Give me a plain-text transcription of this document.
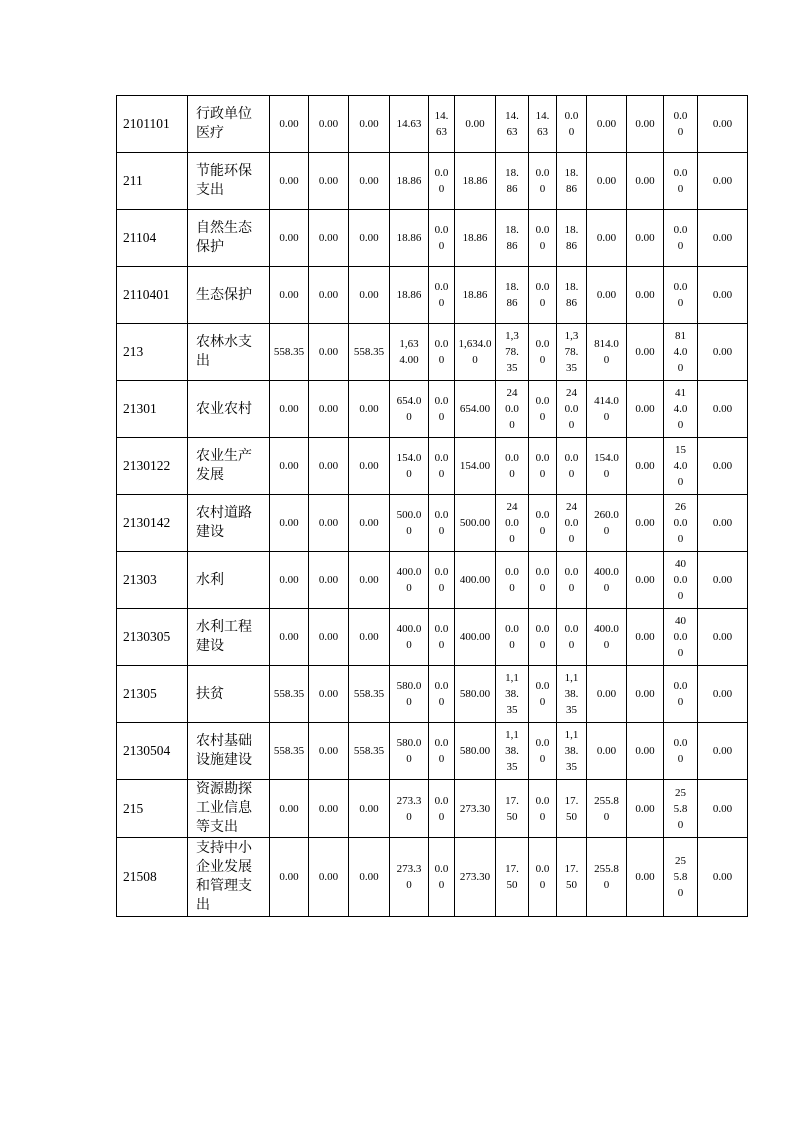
2101101	行政单位医疗	0.00	0.00	0.00	14.63	14.63	0.00	14.63	14.63	0.00	0.00	0.00	0.00	0.00

211	节能环保支出	0.00	0.00	0.00	18.86	0.00	18.86	18.86	0.00	18.86	0.00	0.00	0.00	0.00

21104	自然生态保护	0.00	0.00	0.00	18.86	0.00	18.86	18.86	0.00	18.86	0.00	0.00	0.00	0.00

2110401	生态保护	0.00	0.00	0.00	18.86	0.00	18.86	18.86	0.00	18.86	0.00	0.00	0.00	0.00

213	农林水支出	558.35	0.00	558.35	1,634.00	0.00	1,634.00	1,378.35	0.00	1,378.35	814.00	0.00	814.00	0.00

21301	农业农村	0.00	0.00	0.00	654.00	0.00	654.00	240.00	0.00	240.00	414.00	0.00	414.00	0.00

2130122	农业生产发展	0.00	0.00	0.00	154.00	0.00	154.00	0.00	0.00	0.00	154.00	0.00	154.00	0.00

2130142	农村道路建设	0.00	0.00	0.00	500.00	0.00	500.00	240.00	0.00	240.00	260.00	0.00	260.00	0.00

21303	水利	0.00	0.00	0.00	400.00	0.00	400.00	0.00	0.00	0.00	400.00	0.00	400.00	0.00

2130305	水利工程建设	0.00	0.00	0.00	400.00	0.00	400.00	0.00	0.00	0.00	400.00	0.00	400.00	0.00

21305	扶贫	558.35	0.00	558.35	580.00	0.00	580.00	1,138.35	0.00	1,138.35	0.00	0.00	0.00	0.00

2130504	农村基础设施建设	558.35	0.00	558.35	580.00	0.00	580.00	1,138.35	0.00	1,138.35	0.00	0.00	0.00	0.00

215	资源勘探工业信息等支出	0.00	0.00	0.00	273.30	0.00	273.30	17.50	0.00	17.50	255.80	0.00	255.80	0.00

21508	支持中小企业发展和管理支出	0.00	0.00	0.00	273.30	0.00	273.30	17.50	0.00	17.50	255.80	0.00	255.80	0.00
